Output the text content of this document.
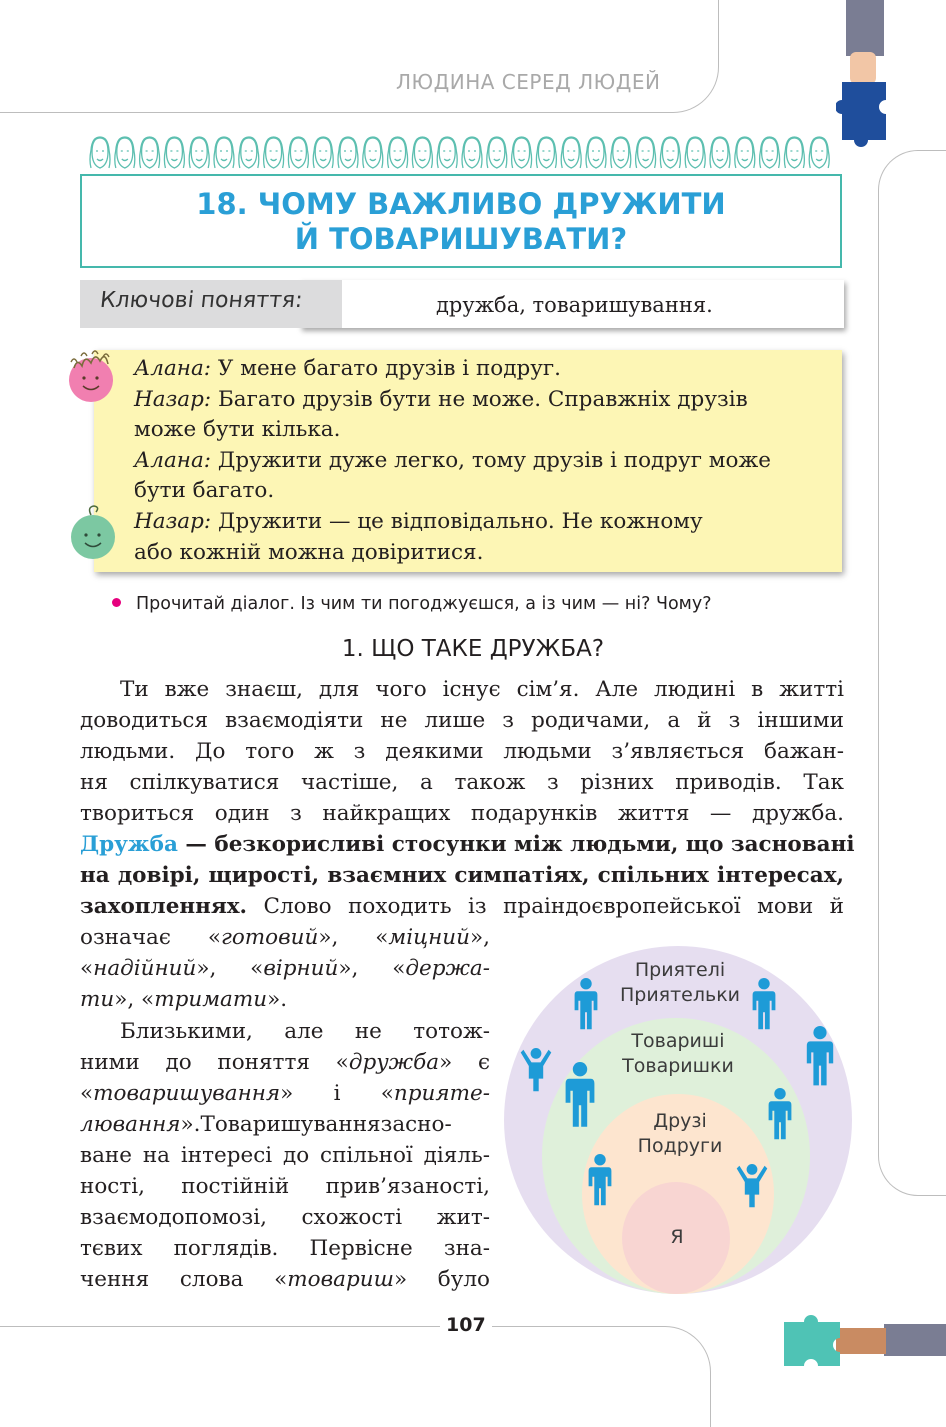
ЛЮДИНА СЕРЕД ЛЮДЕЙ
18. ЧОМУ ВАЖЛИВО ДРУЖИТИ
Й ТОВАРИШУВАТИ?
Ключові поняття:	дружба, товаришування.
Алана: У мене багато друзів і подруг.
Назар: Багато друзів бути не може. Справжніх друзів
може бути кілька.
Алана: Дружити дуже легко, тому друзів і подруг може
бути багато.
Назар: Дружити — це відповідально. Не кожному
або кожній можна довіритися.
Прочитай діалог. Із чим ти погоджуєшся, а із чим — ні? Чому?
1. ЩО ТАКЕ ДРУЖБА?
Ти вже знаєш, для чого існує сім’я. Але людині в житті
доводиться взаємодіяти не лише з родичами, а й з іншими
людьми. До того ж з деякими людьми з’являється бажан-
ня спілкуватися частіше, а також з різних приводів. Так
твориться один з найкращих подарунків життя — дружба.
Дружба — безкорисливі стосунки між людьми, що засновані
на довірі, щирості, взаємних симпатіях, спільних інтересах,
захопленнях. Слово походить із праіндоєвропейської мови й
означає «готовий», «міцний»,
«надійний», «вірний», «держа-
ти», «тримати».
Близькими, але не тотож-
ними до поняття «дружба» є
«товаришування» і «приятe-
лювання».Товаришуваннязасно-
ване на інтересі до спільної діяль-
ності, постійній прив’язаності,
взаємодопомозі, схожості жит-
тєвих поглядів. Первісне зна-
чення слова «товариш» було
Приятелі
Приятельки
Товариші
Товаришки
Друзі
Подруги
Я
107
